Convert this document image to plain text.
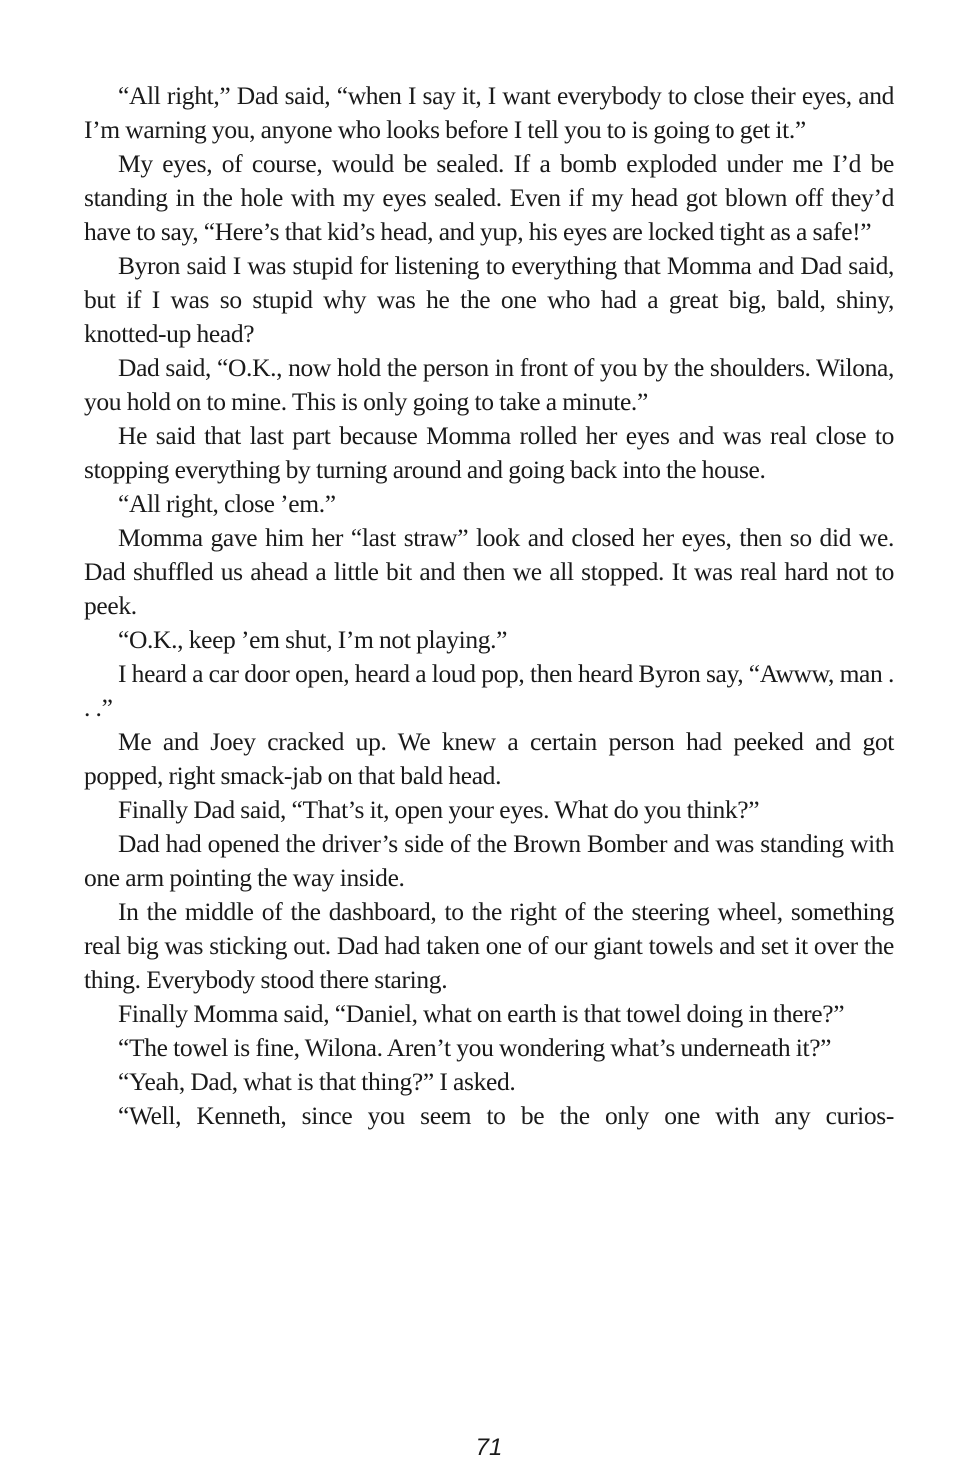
“All right,” Dad said, “when I say it, I want everybody to close their eyes, and I’m warning you, anyone who looks before I tell you to is going to get it.”

My eyes, of course, would be sealed. If a bomb exploded under me I’d be standing in the hole with my eyes sealed. Even if my head got blown off they’d have to say, “Here’s that kid’s head, and yup, his eyes are locked tight as a safe!”

Byron said I was stupid for listening to everything that Momma and Dad said, but if I was so stupid why was he the one who had a great big, bald, shiny, knotted-up head?

Dad said, “O.K., now hold the person in front of you by the shoulders. Wilona, you hold on to mine. This is only going to take a minute.”

He said that last part because Momma rolled her eyes and was real close to stopping everything by turning around and going back into the house.

“All right, close ’em.”

Momma gave him her “last straw” look and closed her eyes, then so did we. Dad shuffled us ahead a little bit and then we all stopped. It was real hard not to peek.

“O.K., keep ’em shut, I’m not playing.”

I heard a car door open, heard a loud pop, then heard Byron say, “Awww, man . . .”

Me and Joey cracked up. We knew a certain person had peeked and got popped, right smack-jab on that bald head.

Finally Dad said, “That’s it, open your eyes. What do you think?”

Dad had opened the driver’s side of the Brown Bomber and was standing with one arm pointing the way inside.

In the middle of the dashboard, to the right of the steering wheel, something real big was sticking out. Dad had taken one of our giant towels and set it over the thing. Everybody stood there staring.

Finally Momma said, “Daniel, what on earth is that towel doing in there?”

“The towel is fine, Wilona. Aren’t you wondering what’s underneath it?”

“Yeah, Dad, what is that thing?” I asked.

“Well, Kenneth, since you seem to be the only one with any curios-

71
